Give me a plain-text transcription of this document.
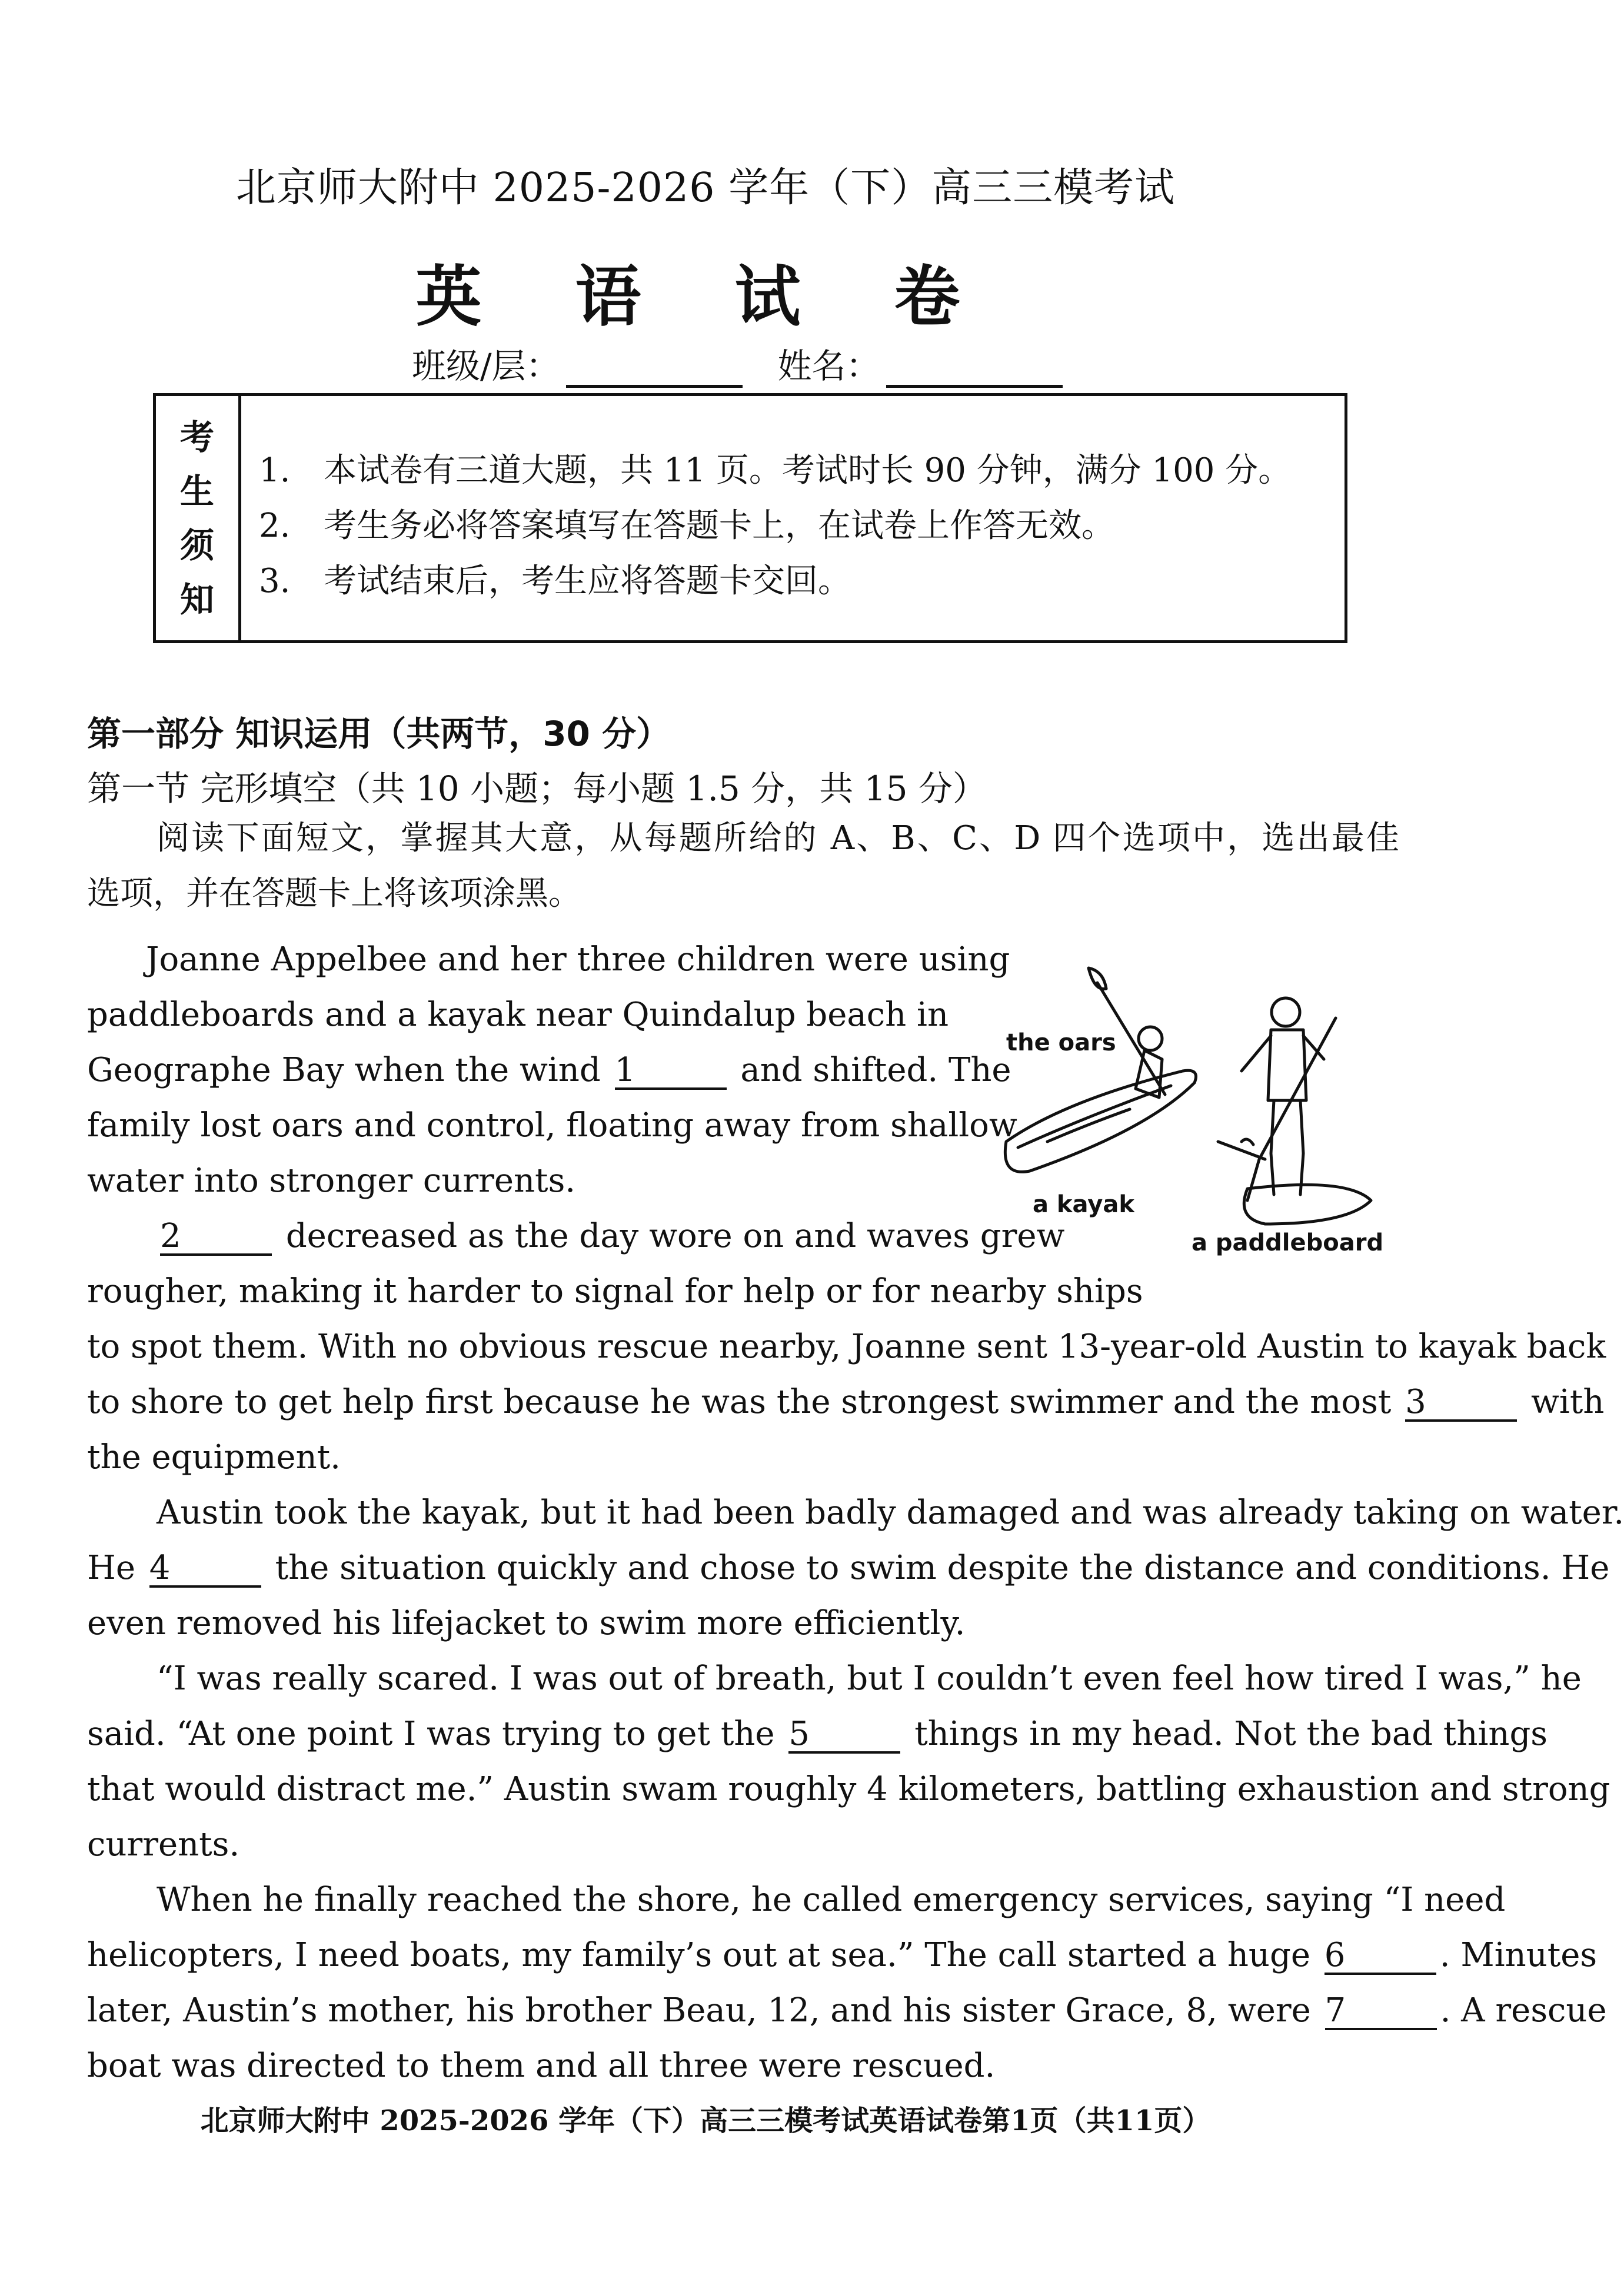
北京师大附中 2025-2026 学年（下）高三三模考试
英 语 试 卷
班级/层：	姓名：
考
生
须
知
1. 本试卷有三道大题，共 11 页。考试时长 90 分钟，满分 100 分。
2. 考生务必将答案填写在答题卡上，在试卷上作答无效。
3. 考试结束后，考生应将答题卡交回。
第一部分 知识运用（共两节，30 分）
第一节 完形填空（共 10 小题；每小题 1.5 分，共 15 分）
阅读下面短文，掌握其大意，从每题所给的 A、B、C、D 四个选项中，选出最佳
选项，并在答题卡上将该项涂黑。
Joanne Appelbee and her three children were using
paddleboards and a kayak near Quindalup beach in
Geographe Bay when the wind 1	and shifted. The
family lost oars and control, floating away from shallow
water into stronger currents.
2	decreased as the day wore on and waves grew
rougher, making it harder to signal for help or for nearby ships
to spot them. With no obvious rescue nearby, Joanne sent 13-year-old Austin to kayak back
to shore to get help first because he was the strongest swimmer and the most 3	with
the equipment.
Austin took the kayak, but it had been badly damaged and was already taking on water.
He 4	the situation quickly and chose to swim despite the distance and conditions. He
even removed his lifejacket to swim more efficiently.
“I was really scared. I was out of breath, but I couldn’t even feel how tired I was,” he
said. “At one point I was trying to get the 5	things in my head. Not the bad things
that would distract me.” Austin swam roughly 4 kilometers, battling exhaustion and strong
currents.
When he finally reached the shore, he called emergency services, saying “I need
helicopters, I need boats, my family’s out at sea.” The call started a huge 6	. Minutes
later, Austin’s mother, his brother Beau, 12, and his sister Grace, 8, were 7	. A rescue
boat was directed to them and all three were rescued.
the oars
a kayak
a paddleboard
北京师大附中 2025-2026 学年（下）高三三模考试英语试卷第1页（共11页）
